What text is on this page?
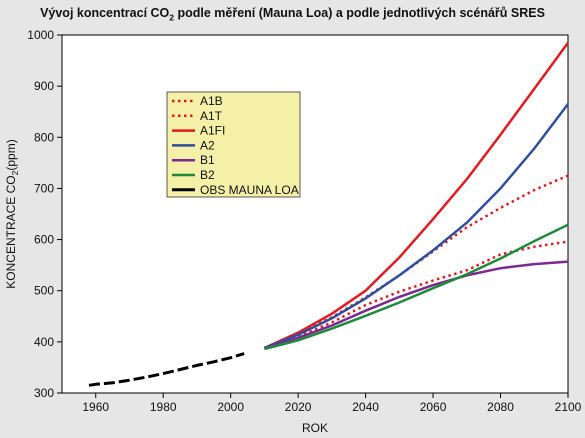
Vývoj koncentrací $CO_2$ podle měření (Mauna Loa) a podle jednotlivých scénářů SRES
1960	1980	2000	2020	2040	2060	2080	2100
300
400
500
600
700
800
900
1000
ROK
KONCENTRACE $CO_2(ppm)$
A1B
A1T
A1FI
A2
B1
B2
OBS MAUNA LOA
